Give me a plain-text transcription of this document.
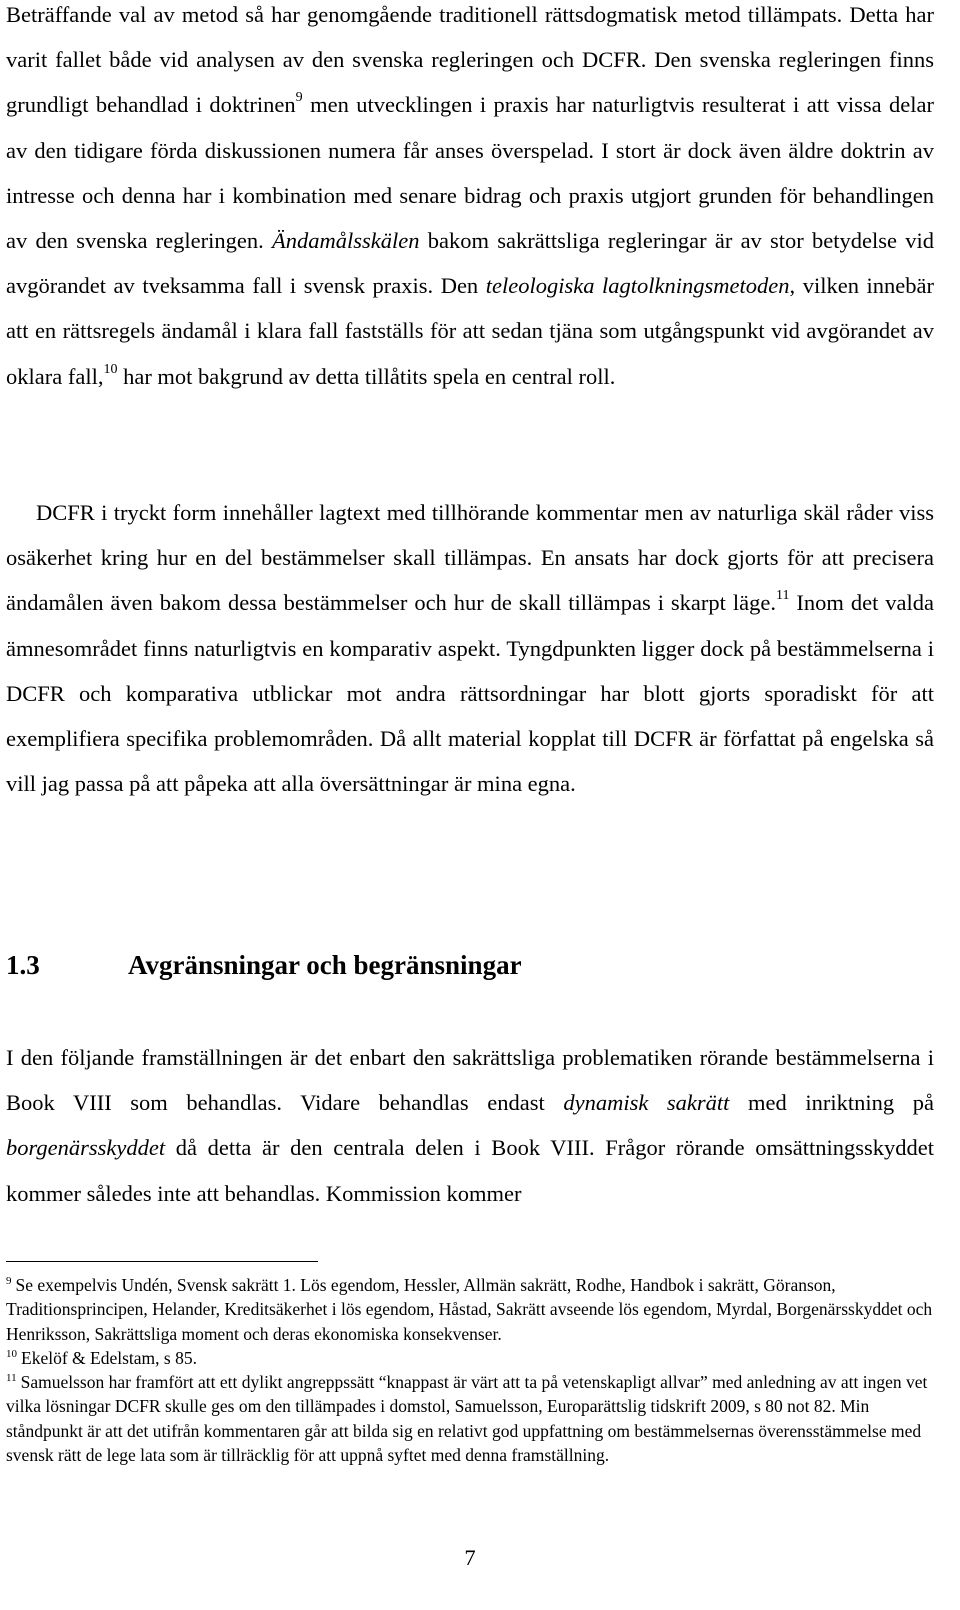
Beträffande val av metod så har genomgående traditionell rättsdogmatisk metod tillämpats. Detta har varit fallet både vid analysen av den svenska regleringen och DCFR. Den svenska regleringen finns grundligt behandlad i doktrinen$^9$ men utvecklingen i praxis har naturligtvis resulterat i att vissa delar av den tidigare förda diskussionen numera får anses överspelad. I stort är dock även äldre doktrin av intresse och denna har i kombination med senare bidrag och praxis utgjort grunden för behandlingen av den svenska regleringen. Ändamålsskälen bakom sakrättsliga regleringar är av stor betydelse vid avgörandet av tveksamma fall i svensk praxis. Den teleologiska lagtolkningsmetoden, vilken innebär att en rättsregels ändamål i klara fall fastställs för att sedan tjäna som utgångspunkt vid avgörandet av oklara fall,$^{10}$ har mot bakgrund av detta tillåtits spela en central roll.

DCFR i tryckt form innehåller lagtext med tillhörande kommentar men av naturliga skäl råder viss osäkerhet kring hur en del bestämmelser skall tillämpas. En ansats har dock gjorts för att precisera ändamålen även bakom dessa bestämmelser och hur de skall tillämpas i skarpt läge.$^{11}$ Inom det valda ämnesområdet finns naturligtvis en komparativ aspekt. Tyngdpunkten ligger dock på bestämmelserna i DCFR och komparativa utblickar mot andra rättsordningar har blott gjorts sporadiskt för att exemplifiera specifika problemområden. Då allt material kopplat till DCFR är författat på engelska så vill jag passa på att påpeka att alla översättningar är mina egna.

1.3	Avgränsningar och begränsningar

I den följande framställningen är det enbart den sakrättsliga problematiken rörande bestämmelserna i Book VIII som behandlas. Vidare behandlas endast dynamisk sakrätt med inriktning på borgenärsskyddet då detta är den centrala delen i Book VIII. Frågor rörande omsättningsskyddet kommer således inte att behandlas. Kommission kommer

$^9$ Se exempelvis Undén, Svensk sakrätt 1. Lös egendom, Hessler, Allmän sakrätt, Rodhe, Handbok i sakrätt, Göranson, Traditionsprincipen, Helander, Kreditsäkerhet i lös egendom, Håstad, Sakrätt avseende lös egendom, Myrdal, Borgenärsskyddet och Henriksson, Sakrättsliga moment och deras ekonomiska konsekvenser.

$^{10}$ Ekelöf & Edelstam, s 85.

$^{11}$ Samuelsson har framfört att ett dylikt angreppssätt “knappast är värt att ta på vetenskapligt allvar” med anledning av att ingen vet vilka lösningar DCFR skulle ges om den tillämpades i domstol, Samuelsson, Europarättslig tidskrift 2009, s 80 not 82. Min ståndpunkt är att det utifrån kommentaren går att bilda sig en relativt god uppfattning om bestämmelsernas överensstämmelse med svensk rätt de lege lata som är tillräcklig för att uppnå syftet med denna framställning.

7
